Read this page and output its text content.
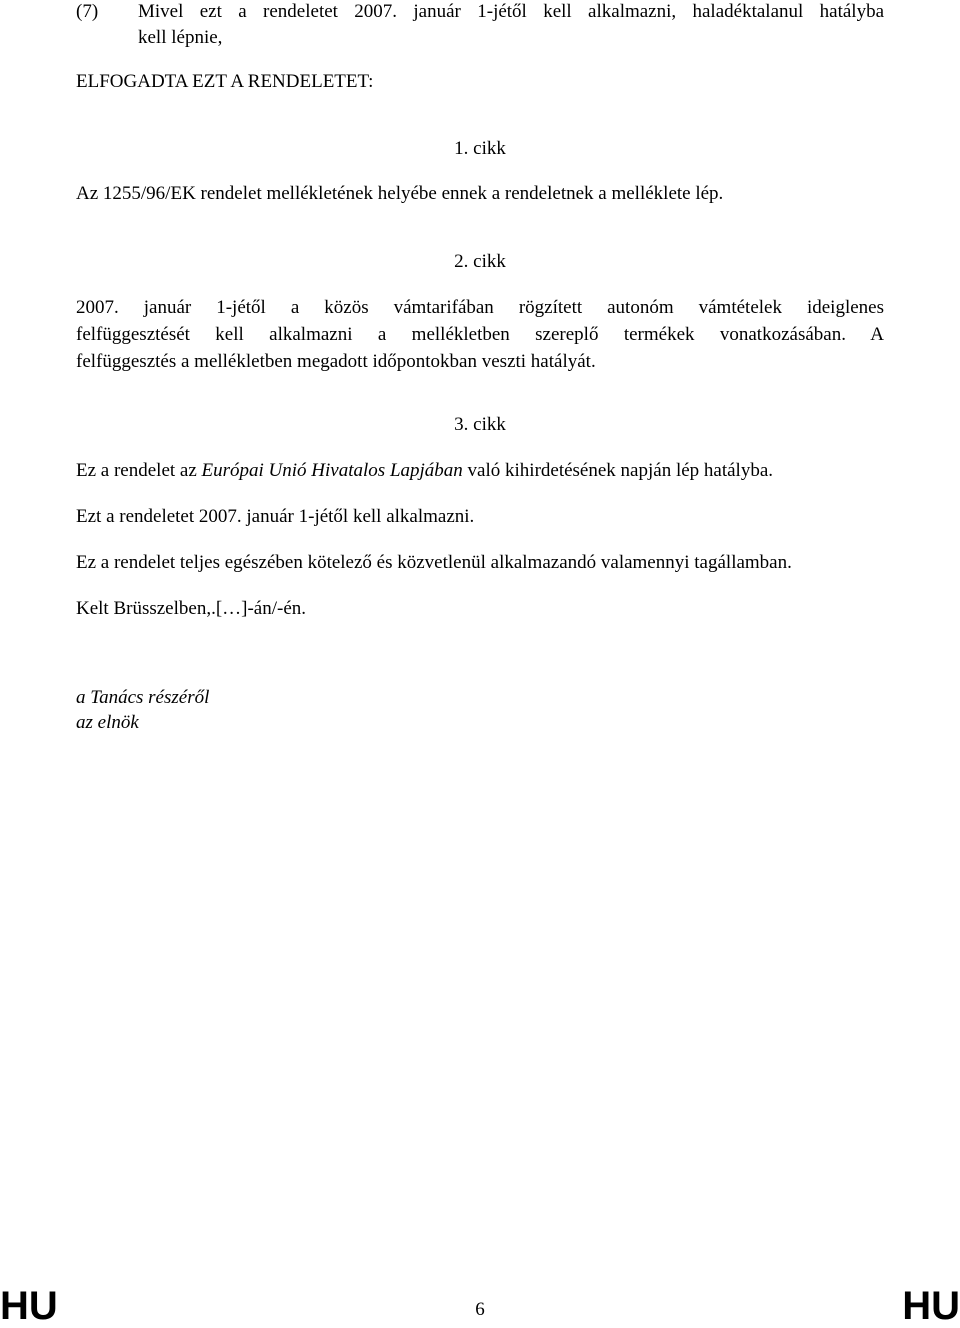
(7) Mivel ezt a rendeletet 2007. január 1-jétől kell alkalmazni, haladéktalanul hatályba
kell lépnie,
ELFOGADTA EZT A RENDELETET:
1. cikk
Az 1255/96/EK rendelet mellékletének helyébe ennek a rendeletnek a melléklete lép.
2. cikk
2007. január 1-jétől a közös vámtarifában rögzített autonóm vámtételek ideiglenes
felfüggesztését kell alkalmazni a mellékletben szereplő termékek vonatkozásában. A
felfüggesztés a mellékletben megadott időpontokban veszti hatályát.
3. cikk
Ez a rendelet az Európai Unió Hivatalos Lapjában való kihirdetésének napján lép hatályba.
Ezt a rendeletet 2007. január 1-jétől kell alkalmazni.
Ez a rendelet teljes egészében kötelező és közvetlenül alkalmazandó valamennyi tagállamban.
Kelt Brüsszelben,.[…]-án/-én.
a Tanács részéről
az elnök
HU	6	HU
